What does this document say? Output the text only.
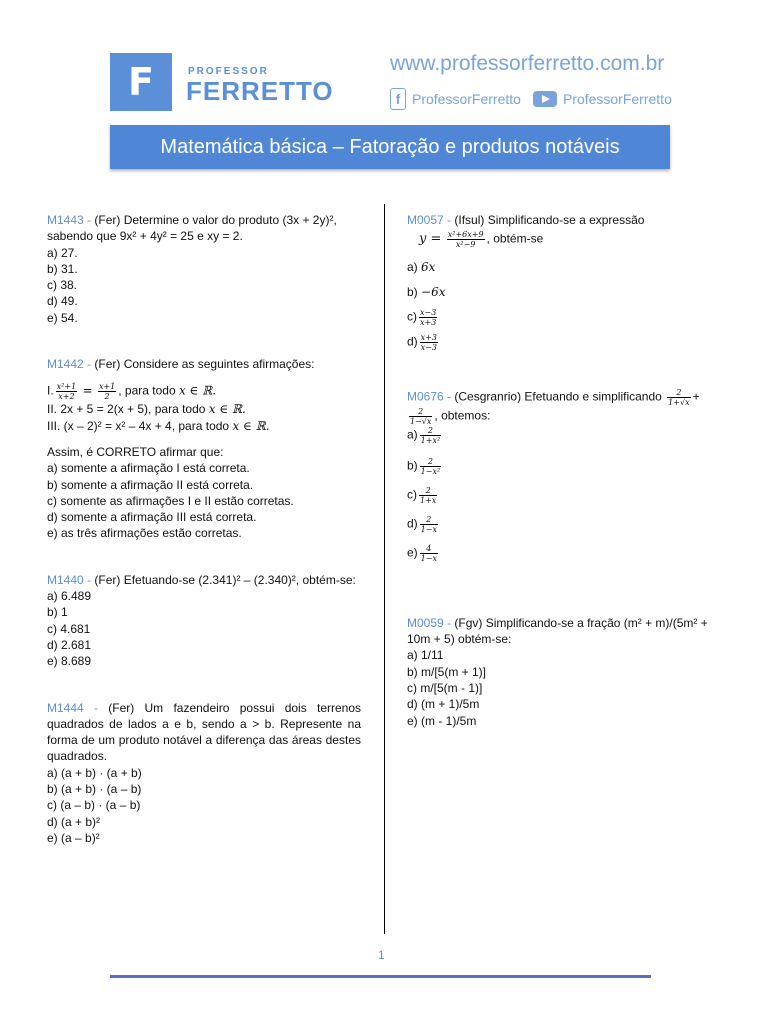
F	PROFESSOR
FERRETTO
www.professorferretto.com.br
f ProfessorFerretto	ProfessorFerretto
Matemática básica – Fatoração e produtos notáveis
M1443 - (Fer) Determine o valor do produto (3x + 2y)², sabendo que 9x² + 4y² = 25 e xy = 2.
a) 27.
b) 31.
c) 38.
d) 49.
e) 54.
M1442 - (Fer) Considere as seguintes afirmações:
I. $\frac{\text{x²+1}}{x+2} = \frac{x+1}{2}$ , para todo x ∈ ℝ.
II. 2x + 5 = 2(x + 5), para todo x ∈ ℝ.
III. (x – 2)² = x² – 4x + 4, para todo x ∈ ℝ.
Assim, é CORRETO afirmar que:
a) somente a afirmação I está correta.
b) somente a afirmação II está correta.
c) somente as afirmações I e II estão corretas.
d) somente a afirmação III está correta.
e) as três afirmações estão corretas.
M1440 - (Fer) Efetuando-se (2.341)² – (2.340)², obtém-se:
a) 6.489
b) 1
c) 4.681
d) 2.681
e) 8.689
M1444 - (Fer) Um fazendeiro possui dois terrenos quadrados de lados a e b, sendo a > b. Represente na forma de um produto notável a diferença das áreas destes quadrados.
a) (a + b) · (a + b)
b) (a + b) · (a – b)
c) (a – b) · (a – b)
d) (a + b)²
e) (a – b)²
M0057 - (Ifsul) Simplificando-se a expressão
$y = \frac{\text{x²+6x+9}}{\text{x²−9}}$ , obtém-se
a) 6x
b) −6x
$c) \frac{x-3}{x+3}$
$d) \frac{x+3}{x-3}$
M0676 - (Cesgranrio) Efetuando e simplificando $\frac{2}{1+√x}$ +
$\frac{2}{1-√x}$ , obtemos:
$a) \frac{2}{\text{1+x²}}$
$b) \frac{2}{\text{1−x²}}$
$c) \frac{2}{1+x}$
$d) \frac{2}{1-x}$
$e) \frac{4}{1-x}$
M0059 - (Fgv) Simplificando-se a fração (m² + m)/(5m² + 10m + 5) obtém-se:
a) 1/11
b) m/[5(m + 1)]
c) m/[5(m - 1)]
d) (m + 1)/5m
e) (m - 1)/5m
1
